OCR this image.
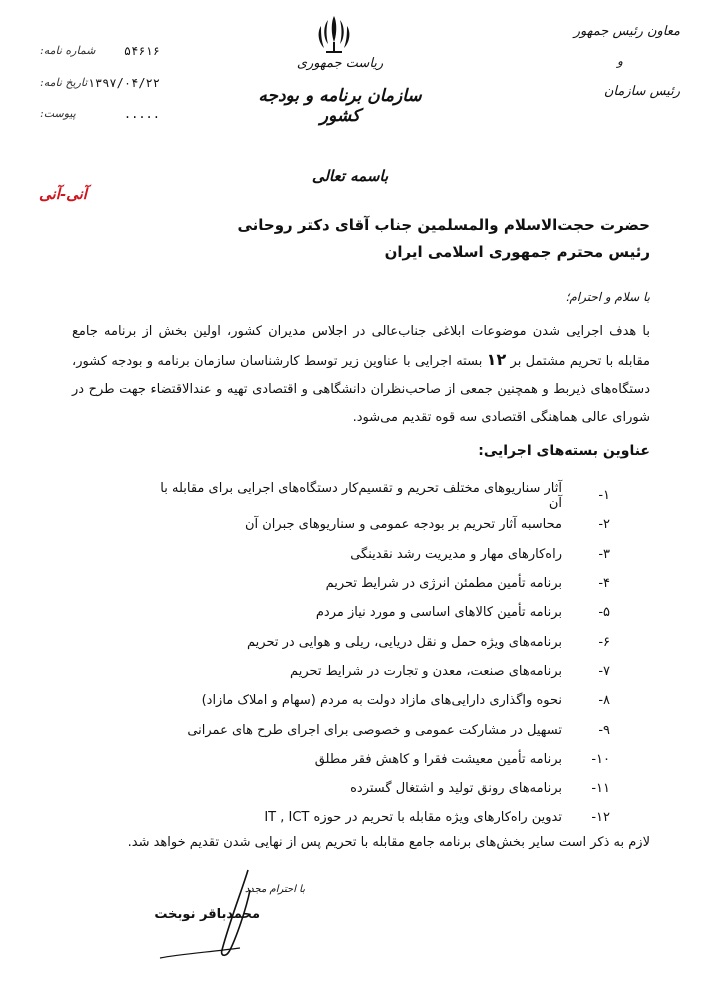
ریاست جمهوری
سازمان برنامه و بودجه کشور
معاون رئیس جمهور
و
رئیس سازمان
شماره نامه: ۵۴۶۱۶
تاریخ نامه: ۱۳۹۷/۰۴/۲۲
پیوست:	.....
باسمه تعالی
آنی-آنی
حضرت حجت‌الاسلام والمسلمین جناب آقای دکتر روحانی
رئیس محترم جمهوری اسلامی ایران
با سلام و احترام؛
با هدف اجرایی شدن موضوعات ابلاغی جناب‌عالی در اجلاس مدیران کشور، اولین بخش از برنامه جامع مقابله با تحریم مشتمل بر ۱۲ بسته اجرایی با عناوین زیر توسط کارشناسان سازمان برنامه و بودجه کشور، دستگاه‌های ذیربط و همچنین جمعی از صاحب‌نظران دانشگاهی و اقتصادی تهیه و عندالاقتضاء جهت طرح در شورای عالی هماهنگی اقتصادی سه قوه تقدیم می‌شود.
عناوین بسته‌های اجرایی:
۱-
آثار سناریوهای مختلف تحریم و تقسیم‌کار دستگاه‌های اجرایی برای مقابله با آن
۲-
محاسبه آثار تحریم بر بودجه عمومی و سناریوهای جبران آن
۳-
راه‌کارهای مهار و مدیریت رشد نقدینگی
۴-
برنامه تأمین مطمئن انرژی در شرایط تحریم
۵-
برنامه تأمین کالاهای اساسی و مورد نیاز مردم
۶-
برنامه‌های ویژه حمل و نقل دریایی، ریلی و هوایی در تحریم
۷-
برنامه‌های صنعت، معدن و تجارت در شرایط تحریم
۸-
نحوه واگذاری دارایی‌های مازاد دولت به مردم (سهام و املاک مازاد)
۹-
تسهیل در مشارکت عمومی و خصوصی برای اجرای طرح های عمرانی
۱۰-
برنامه تأمین معیشت فقرا و کاهش فقر مطلق
۱۱-
برنامه‌های رونق تولید و اشتغال گسترده
۱۲-
تدوین راه‌کارهای ویژه مقابله با تحریم در حوزه IT , ICT
لازم به ذکر است سایر بخش‌های برنامه جامع مقابله با تحریم پس از نهایی شدن تقدیم خواهد شد.
با احترام مجدد
محمدباقر نوبخت
